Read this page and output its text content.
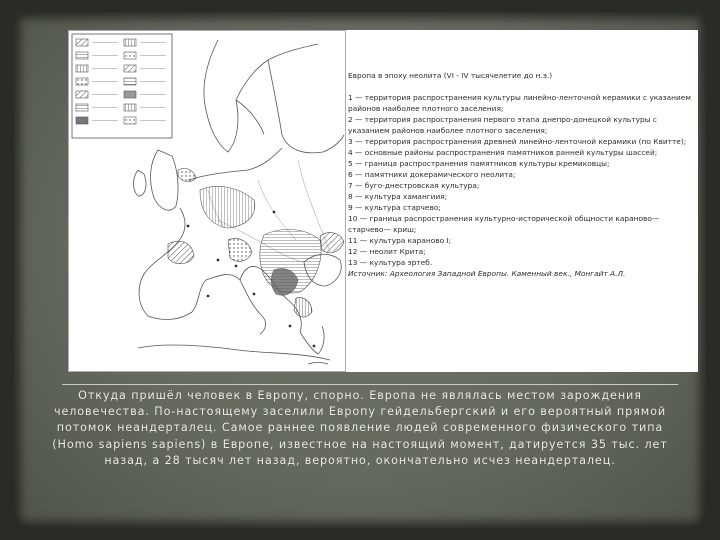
Европа в эпоху неолита (VI - IV тысячелетие до н.э.)
1 — территория распространения культуры линейно-ленточной керамики с указанием районов наиболее плотного заселения;
2 — территория распространения первого этапа днепро-донецкой культуры с указанием районов наиболее плотного заселения;
3 — территория распространения древней линейно-ленточной керамики (по Квитте);
4 — основные районы распространения памятников ранней культуры шассей;
5 — граница распространения памятников культуры кремиковцы;
6 — памятники докерамического неолита;
7 — буго-днестровская культура;
8 — культура хамангиия;
9 — культура старчево;
10 — граница распространения культурно-исторической общности караново—старчево— криш;
11 — культура караново I;
12 — неолит Крита;
13 — культура эртеб.
Источник: Археология Западной Европы. Каменный век., Монгайт А.Л.
Откуда пришёл человек в Европу, спорно. Европа не являлась местом зарождения человечества. По-настоящему заселили Европу гейдельбергский и его вероятный прямой потомок неандерталец. Самое раннее появление людей современного физического типа (Homo sapiens sapiens) в Европе, известное на настоящий момент, датируется 35 тыс. лет назад, а 28 тысяч лет назад, вероятно, окончательно исчез неандерталец.
